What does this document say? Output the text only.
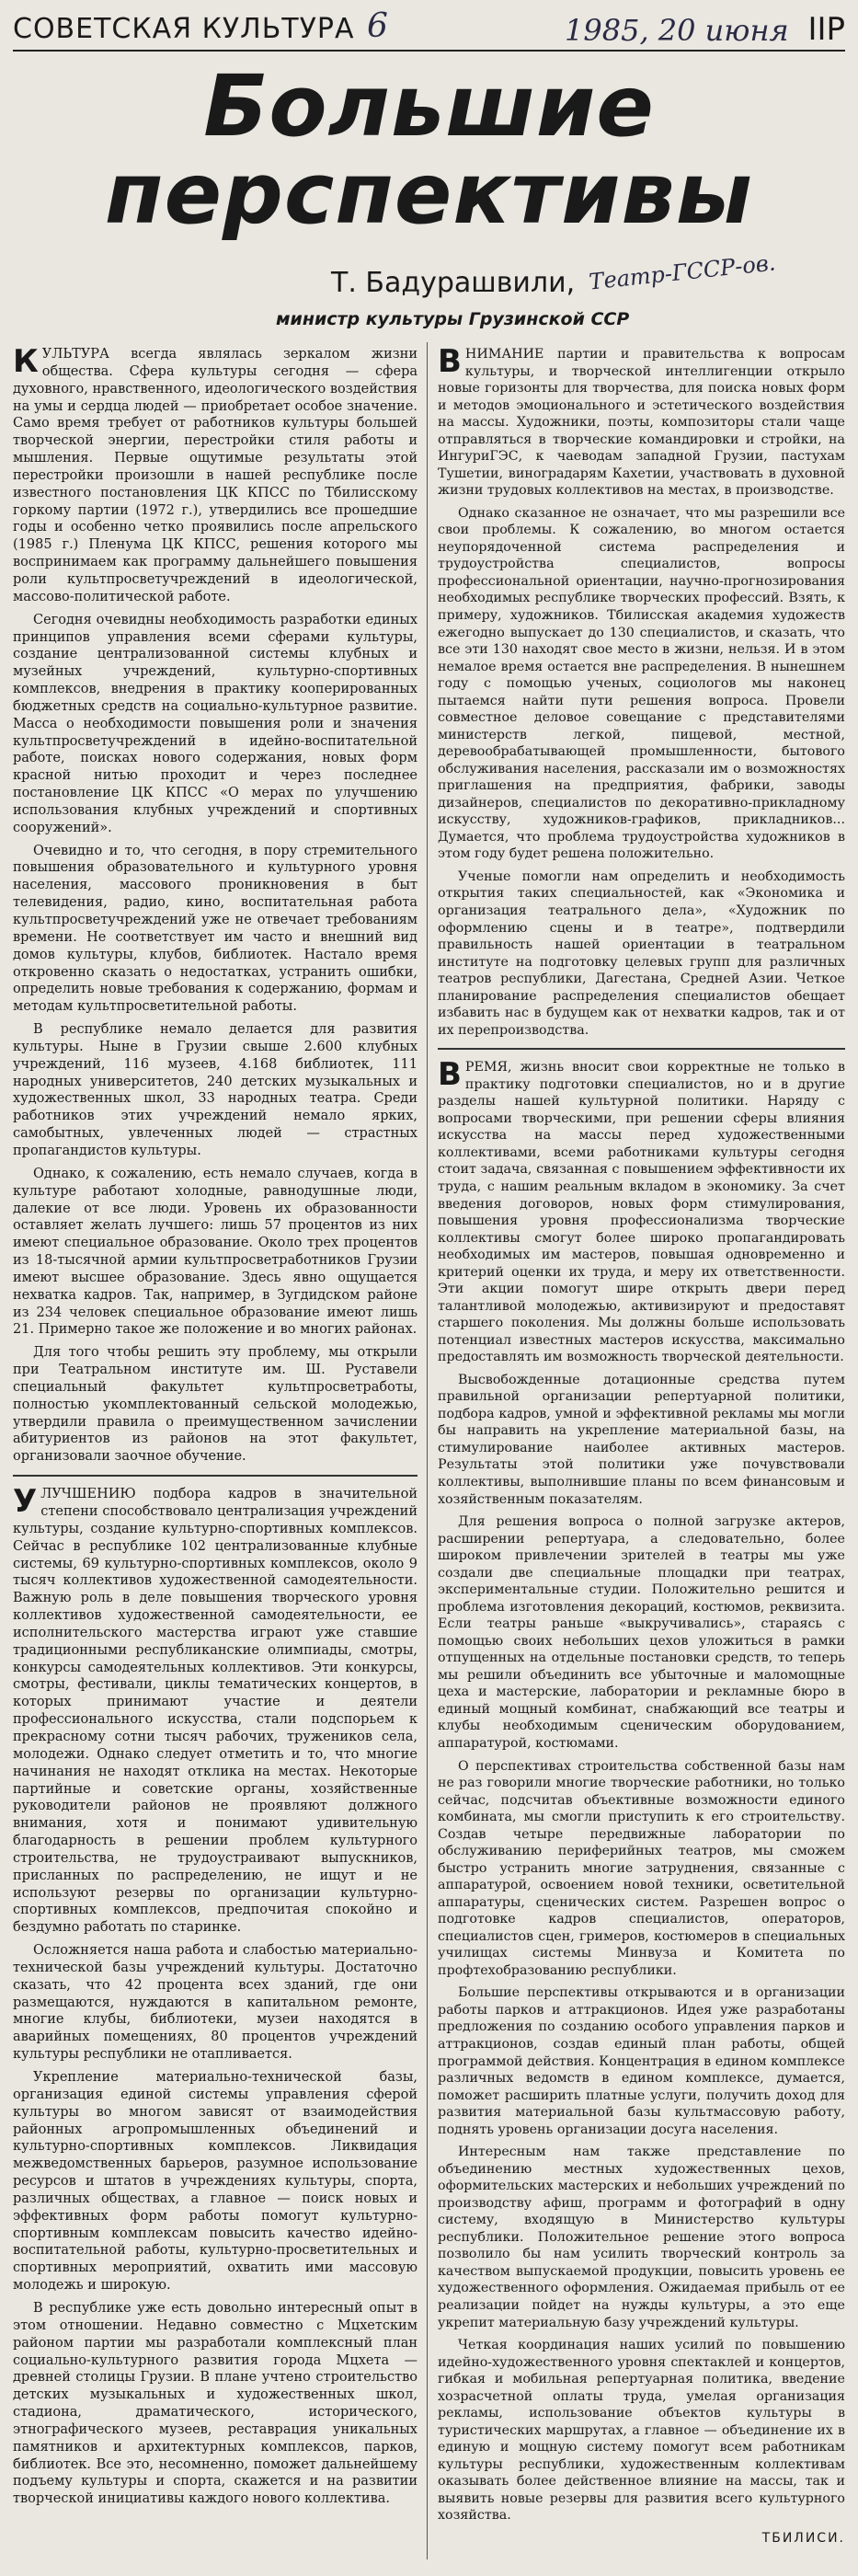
СОВЕТСКАЯ КУЛЬТУРА 6	1985, 20 июня IIР
Большие
перспективы
Т. Бадурашвили, Театр-ГССР-ов.
министр культуры Грузинской ССР

КУЛЬТУРА всегда являлась зеркалом жизни общества. Сфера культуры сегодня — сфера духовного, нравственного, идеологического воздействия на умы и сердца людей — приобретает особое значение. Само время требует от работников культуры большей творческой энергии, перестройки стиля работы и мышления. Первые ощутимые результаты этой перестройки произошли в нашей республике после известного постановления ЦК КПСС по Тбилисскому горкому партии (1972 г.), утвердились все прошедшие годы и особенно четко проявились после апрельского (1985 г.) Пленума ЦК КПСС, решения которого мы воспринимаем как программу дальнейшего повышения роли культпросветучреждений в идеологической, массово-политической работе.

Сегодня очевидны необходимость разработки единых принципов управления всеми сферами культуры, создание централизованной системы клубных и музейных учреждений, культурно-спортивных комплексов, внедрения в практику кооперированных бюджетных средств на социально-культурное развитие. Масса о необходимости повышения роли и значения культпросветучреждений в идейно-воспитательной работе, поисках нового содержания, новых форм красной нитью проходит и через последнее постановление ЦК КПСС «О мерах по улучшению использования клубных учреждений и спортивных сооружений».

Очевидно и то, что сегодня, в пору стремительного повышения образовательного и культурного уровня населения, массового проникновения в быт телевидения, радио, кино, воспитательная работа культпросветучреждений уже не отвечает требованиям времени. Не соответствует им часто и внешний вид домов культуры, клубов, библиотек. Настало время откровенно сказать о недостатках, устранить ошибки, определить новые требования к содержанию, формам и методам культпросветительной работы.

В республике немало делается для развития культуры. Ныне в Грузии свыше 2.600 клубных учреждений, 116 музеев, 4.168 библиотек, 111 народных университетов, 240 детских музыкальных и художественных школ, 33 народных театра. Среди работников этих учреждений немало ярких, самобытных, увлеченных людей — страстных пропагандистов культуры.

Однако, к сожалению, есть немало случаев, когда в культуре работают холодные, равнодушные люди, далекие от все люди. Уровень их образованности оставляет желать лучшего: лишь 57 процентов из них имеют специальное образование. Около трех процентов из 18-тысячной армии культпросветработников Грузии имеют высшее образование. Здесь явно ощущается нехватка кадров. Так, например, в Зугдидском районе из 234 человек специальное образование имеют лишь 21. Примерно такое же положение и во многих районах.

Для того чтобы решить эту проблему, мы открыли при Театральном институте им. Ш. Руставели специальный факультет культпросветработы, полностью укомплектованный сельской молодежью, утвердили правила о преимущественном зачислении абитуриентов из районов на этот факультет, организовали заочное обучение.

УЛУЧШЕНИЮ подбора кадров в значительной степени способствовало централизация учреждений культуры, создание культурно-спортивных комплексов. Сейчас в республике 102 централизованные клубные системы, 69 культурно-спортивных комплексов, около 9 тысяч коллективов художественной самодеятельности. Важную роль в деле повышения творческого уровня коллективов художественной самодеятельности, ее исполнительского мастерства играют уже ставшие традиционными республиканские олимпиады, смотры, конкурсы самодеятельных коллективов. Эти конкурсы, смотры, фестивали, циклы тематических концертов, в которых принимают участие и деятели профессионального искусства, стали подспорьем к прекрасному сотни тысяч рабочих, тружеников села, молодежи. Однако следует отметить и то, что многие начинания не находят отклика на местах. Некоторые партийные и советские органы, хозяйственные руководители районов не проявляют должного внимания, хотя и понимают удивительную благодарность в решении проблем культурного строительства, не трудоустраивают выпускников, присланных по распределению, не ищут и не используют резервы по организации культурно-спортивных комплексов, предпочитая спокойно и бездумно работать по старинке.

Осложняется наша работа и слабостью материально-технической базы учреждений культуры. Достаточно сказать, что 42 процента всех зданий, где они размещаются, нуждаются в капитальном ремонте, многие клубы, библиотеки, музеи находятся в аварийных помещениях, 80 процентов учреждений культуры республики не отапливается.

Укрепление материально-технической базы, организация единой системы управления сферой культуры во многом зависят от взаимодействия районных агропромышленных объединений и культурно-спортивных комплексов. Ликвидация межведомственных барьеров, разумное использование ресурсов и штатов в учреждениях культуры, спорта, различных обществах, а главное — поиск новых и эффективных форм работы помогут культурно-спортивным комплексам повысить качество идейно-воспитательной работы, культурно-просветительных и спортивных мероприятий, охватить ими массовую молодежь и широкую.

В республике уже есть довольно интересный опыт в этом отношении. Недавно совместно с Мцхетским районом партии мы разработали комплексный план социально-культурного развития города Мцхета — древней столицы Грузии. В плане учтено строительство детских музыкальных и художественных школ, стадиона, драматического, исторического, этнографического музеев, реставрация уникальных памятников и архитектурных комплексов, парков, библиотек. Все это, несомненно, поможет дальнейшему подъему культуры и спорта, скажется и на развитии творческой инициативы каждого нового коллектива.

ВНИМАНИЕ партии и правительства к вопросам культуры, и творческой интеллигенции открыло новые горизонты для творчества, для поиска новых форм и методов эмоционального и эстетического воздействия на массы. Художники, поэты, композиторы стали чаще отправляться в творческие командировки и стройки, на ИнгуриГЭС, к чаеводам западной Грузии, пастухам Тушетии, виноградарям Кахетии, участвовать в духовной жизни трудовых коллективов на местах, в производстве.

Однако сказанное не означает, что мы разрешили все свои проблемы. К сожалению, во многом остается неупорядоченной система распределения и трудоустройства специалистов, вопросы профессиональной ориентации, научно-прогнозирования необходимых республике творческих профессий. Взять, к примеру, художников. Тбилисская академия художеств ежегодно выпускает до 130 специалистов, и сказать, что все эти 130 находят свое место в жизни, нельзя. И в этом немалое время остается вне распределения. В нынешнем году с помощью ученых, социологов мы наконец пытаемся найти пути решения вопроса. Провели совместное деловое совещание с представителями министерств легкой, пищевой, местной, деревообрабатывающей промышленности, бытового обслуживания населения, рассказали им о возможностях приглашения на предприятия, фабрики, заводы дизайнеров, специалистов по декоративно-прикладному искусству, художников-графиков, прикладников... Думается, что проблема трудоустройства художников в этом году будет решена положительно.

Ученые помогли нам определить и необходимость открытия таких специальностей, как «Экономика и организация театрального дела», «Художник по оформлению сцены и в театре», подтвердили правильность нашей ориентации в театральном институте на подготовку целевых групп для различных театров республики, Дагестана, Средней Азии. Четкое планирование распределения специалистов обещает избавить нас в будущем как от нехватки кадров, так и от их перепроизводства.

ВРЕМЯ, жизнь вносит свои корректные не только в практику подготовки специалистов, но и в другие разделы нашей культурной политики. Наряду с вопросами творческими, при решении сферы влияния искусства на массы перед художественными коллективами, всеми работниками культуры сегодня стоит задача, связанная с повышением эффективности их труда, с нашим реальным вкладом в экономику. За счет введения договоров, новых форм стимулирования, повышения уровня профессионализма творческие коллективы смогут более широко пропагандировать необходимых им мастеров, повышая одновременно и критерий оценки их труда, и меру их ответственности. Эти акции помогут шире открыть двери перед талантливой молодежью, активизируют и предоставят старшего поколения. Мы должны больше использовать потенциал известных мастеров искусства, максимально предоставлять им возможность творческой деятельности.

Высвобожденные дотационные средства путем правильной организации репертуарной политики, подбора кадров, умной и эффективной рекламы мы могли бы направить на укрепление материальной базы, на стимулирование наиболее активных мастеров. Результаты этой политики уже почувствовали коллективы, выполнившие планы по всем финансовым и хозяйственным показателям.

Для решения вопроса о полной загрузке актеров, расширении репертуара, а следовательно, более широком привлечении зрителей в театры мы уже создали две специальные площадки при театрах, экспериментальные студии. Положительно решится и проблема изготовления декораций, костюмов, реквизита. Если театры раньше «выкручивались», стараясь с помощью своих небольших цехов уложиться в рамки отпущенных на отдельные постановки средств, то теперь мы решили объединить все убыточные и маломощные цеха и мастерские, лаборатории и рекламные бюро в единый мощный комбинат, снабжающий все театры и клубы необходимым сценическим оборудованием, аппаратурой, костюмами.

О перспективах строительства собственной базы нам не раз говорили многие творческие работники, но только сейчас, подсчитав объективные возможности единого комбината, мы смогли приступить к его строительству. Создав четыре передвижные лаборатории по обслуживанию периферийных театров, мы сможем быстро устранить многие затруднения, связанные с аппаратурой, освоением новой техники, осветительной аппаратуры, сценических систем. Разрешен вопрос о подготовке кадров специалистов, операторов, специалистов сцен, гримеров, костюмеров в специальных училищах системы Минвуза и Комитета по профтехобразованию республики.

Большие перспективы открываются и в организации работы парков и аттракционов. Идея уже разработаны предложения по созданию особого управления парков и аттракционов, создав единый план работы, общей программой действия. Концентрация в едином комплексе различных ведомств в едином комплексе, думается, поможет расширить платные услуги, получить доход для развития материальной базы культмассовую работу, поднять уровень организации досуга населения.

Интересным нам также представление по объединению местных художественных цехов, оформительских мастерских и небольших учреждений по производству афиш, программ и фотографий в одну систему, входящую в Министерство культуры республики. Положительное решение этого вопроса позволило бы нам усилить творческий контроль за качеством выпускаемой продукции, повысить уровень ее художественного оформления. Ожидаемая прибыль от ее реализации пойдет на нужды культуры, а это еще укрепит материальную базу учреждений культуры.

Четкая координация наших усилий по повышению идейно-художественного уровня спектаклей и концертов, гибкая и мобильная репертуарная политика, введение хозрасчетной оплаты труда, умелая организация рекламы, использование объектов культуры в туристических маршрутах, а главное — объединение их в единую и мощную систему помогут всем работникам культуры республики, художественным коллективам оказывать более действенное влияние на массы, так и выявить новые резервы для развития всего культурного хозяйства.

ТБИЛИСИ.
